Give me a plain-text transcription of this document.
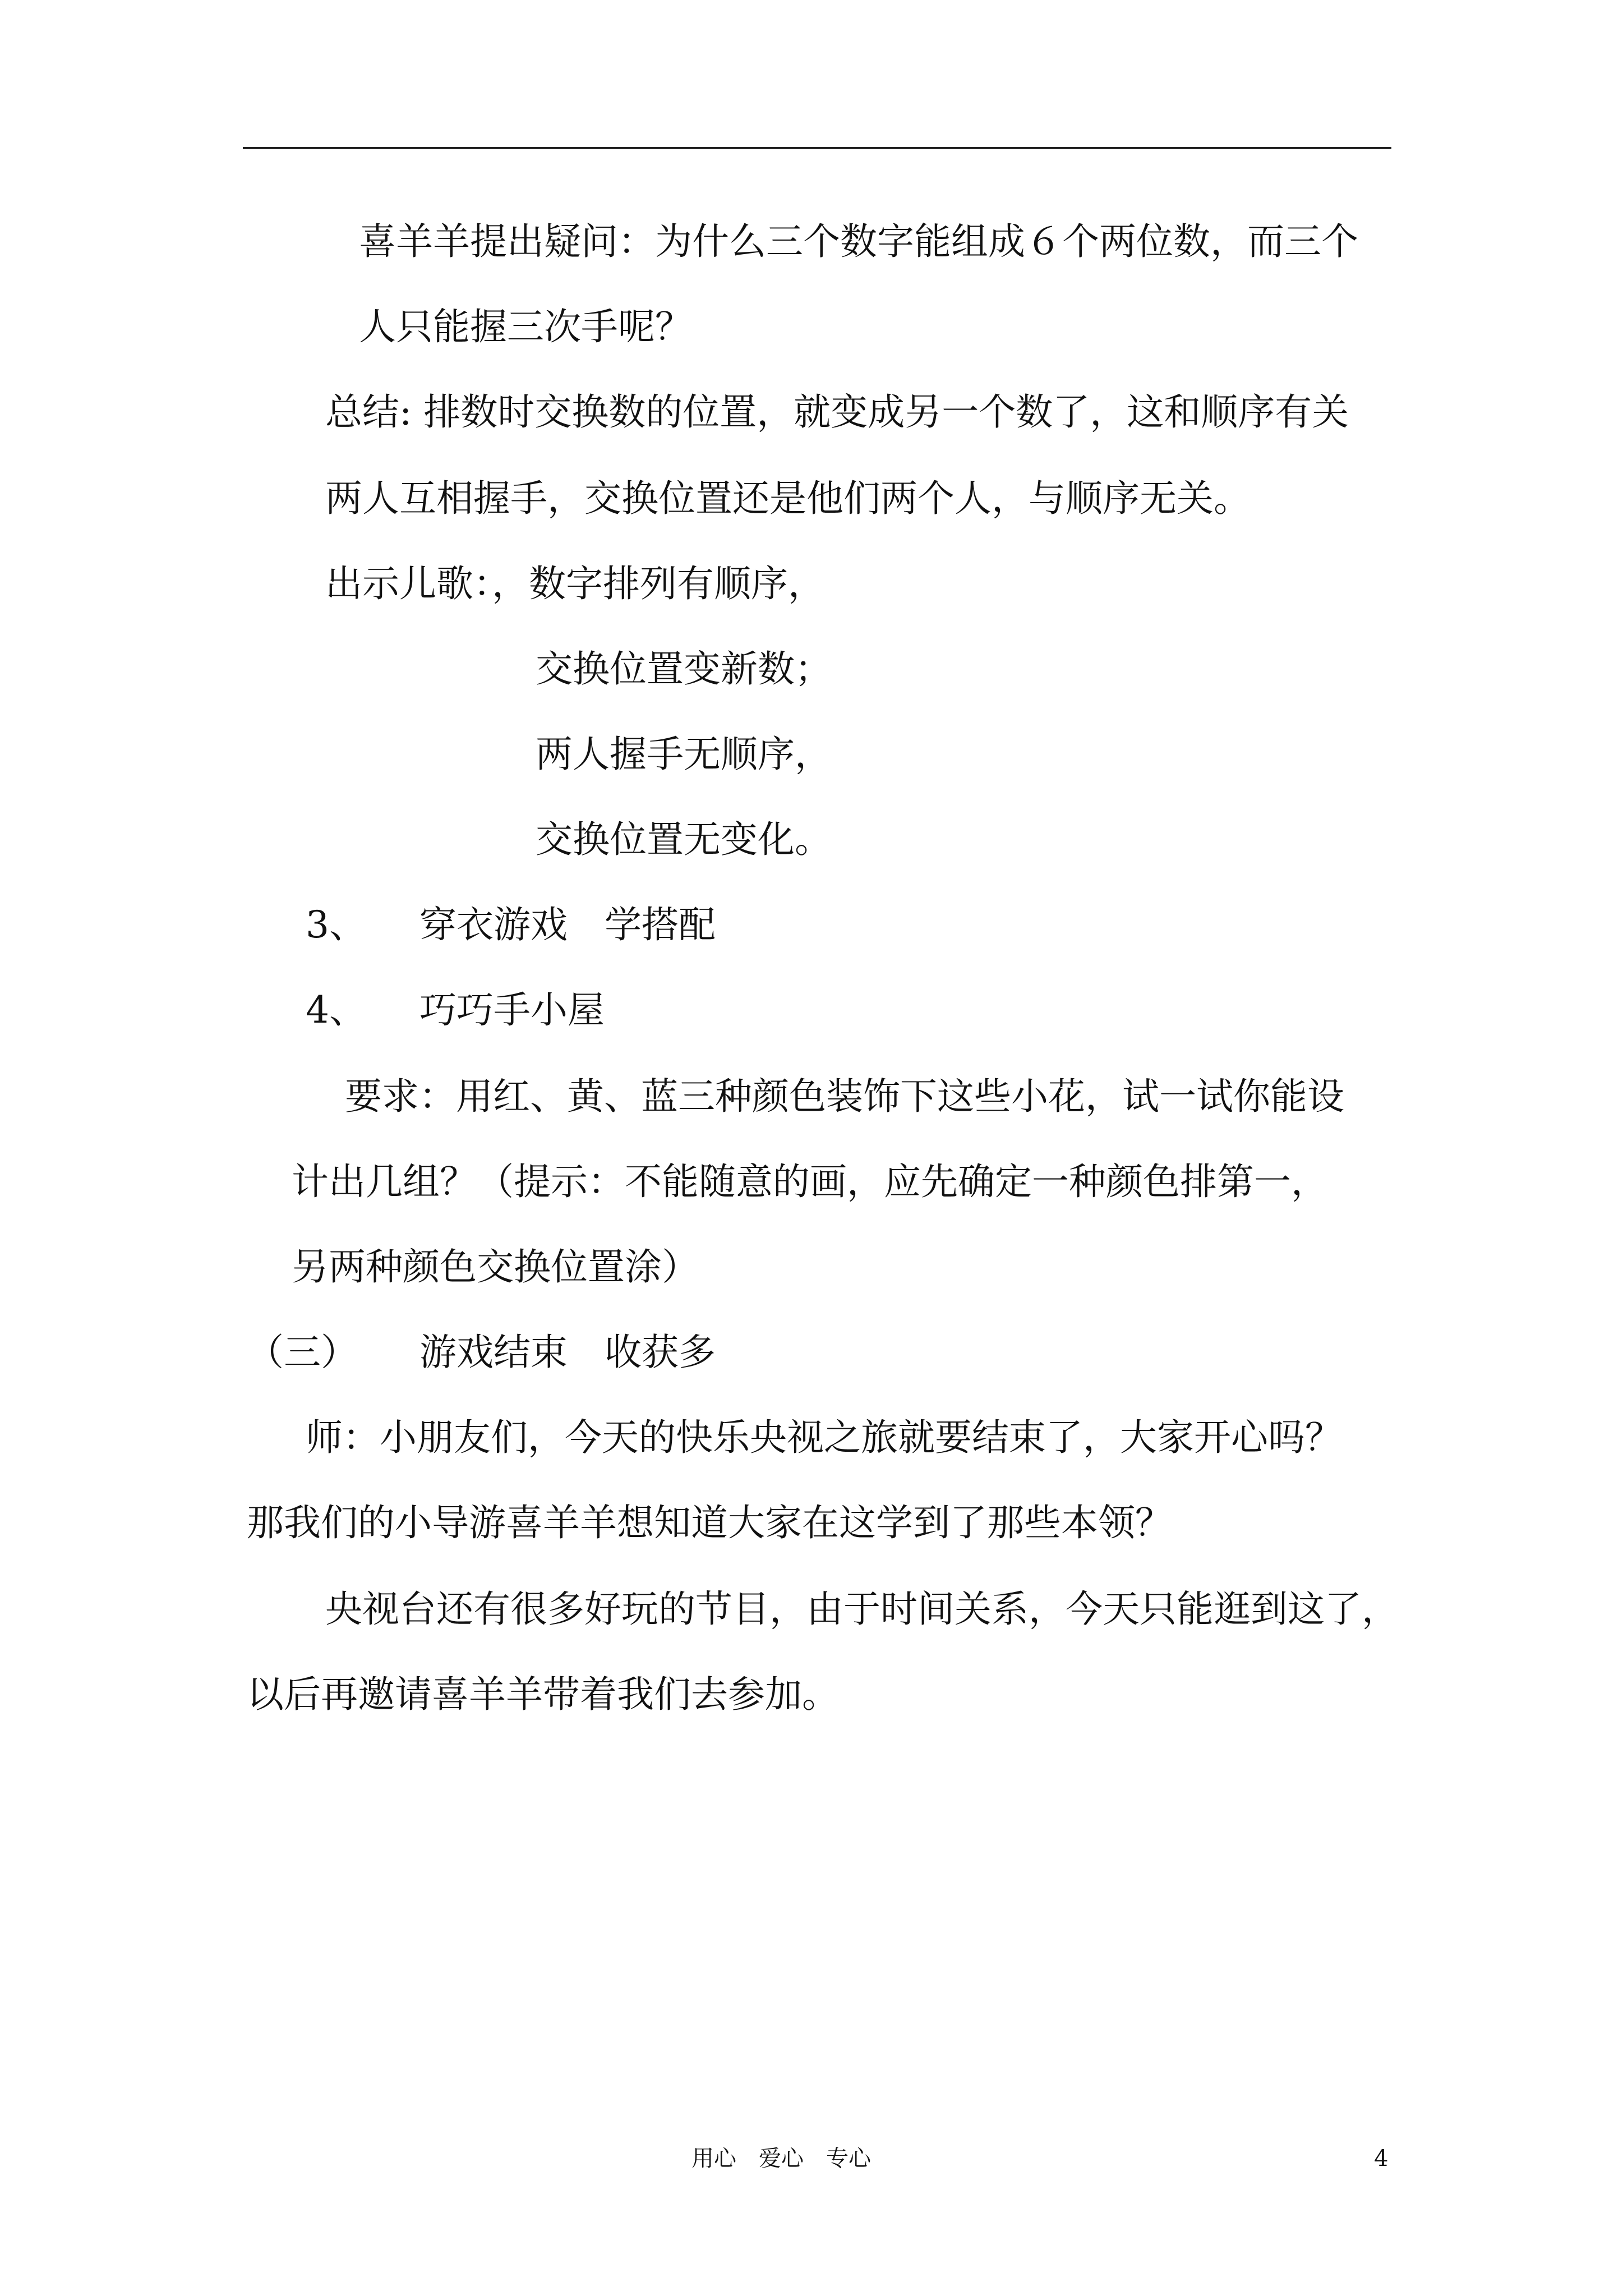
喜羊羊提出疑问：为什么三个数字能组成６个两位数，而三个
人只能握三次手呢？
总结: 排数时交换数的位置，就变成另一个数了，这和顺序有关
两人互相握手，交换位置还是他们两个人，与顺序无关。
出示儿歌：，数字排列有顺序，
交换位置变新数；
两人握手无顺序，
交换位置无变化。
3、 穿衣游戏　学搭配
4、 巧巧手小屋
要求：用红、黄、蓝三种颜色装饰下这些小花，试一试你能设
计出几组？（提示：不能随意的画，应先确定一种颜色排第一，
另两种颜色交换位置涂）
（三） 游戏结束　收获多
师：小朋友们，今天的快乐央视之旅就要结束了，大家开心吗？
那我们的小导游喜羊羊想知道大家在这学到了那些本领？
央视台还有很多好玩的节目，由于时间关系，今天只能逛到这了，
以后再邀请喜羊羊带着我们去参加。
用心　爱心　专心	4
